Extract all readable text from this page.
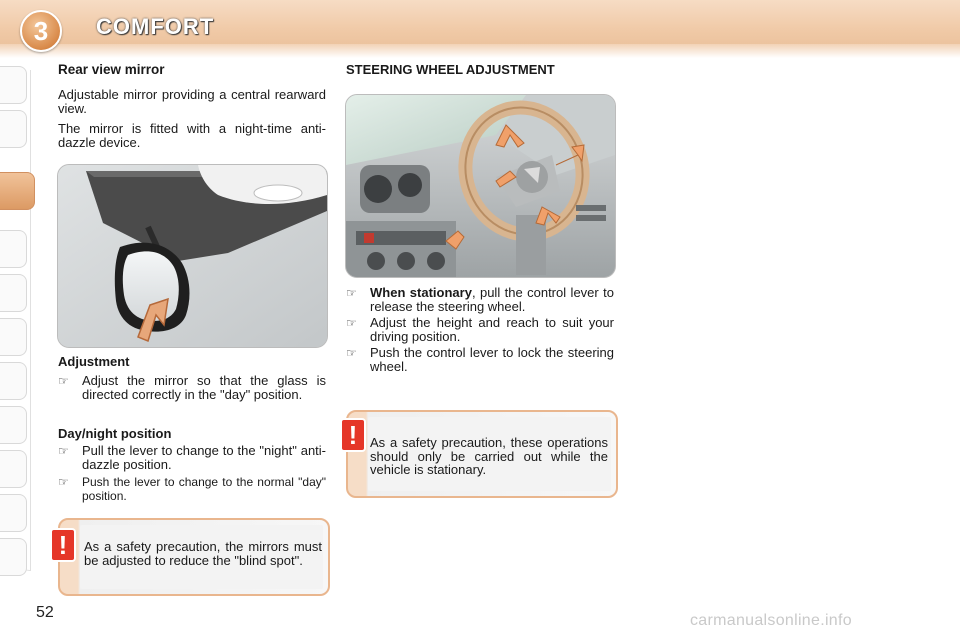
3	COMFORT
Rear view mirror
Adjustable mirror providing a central rearward view.
The mirror is fitted with a night-time anti-dazzle device.
Adjustment
☞	Adjust the mirror so that the glass is directed correctly in the "day" position.
Day/night position
☞	Pull the lever to change to the "night" anti-dazzle position.
☞	Push the lever to change to the normal "day" position.
As a safety precaution, the mirrors must be adjusted to reduce the "blind spot".
!
STEERING WHEEL ADJUSTMENT
☞	When stationary, pull the control lever to release the steering wheel.
☞	Adjust the height and reach to suit your driving position.
☞	Push the control lever to lock the steering wheel.
As a safety precaution, these operations should only be carried out while the vehicle is stationary.
!
52	carmanualsonline.info
